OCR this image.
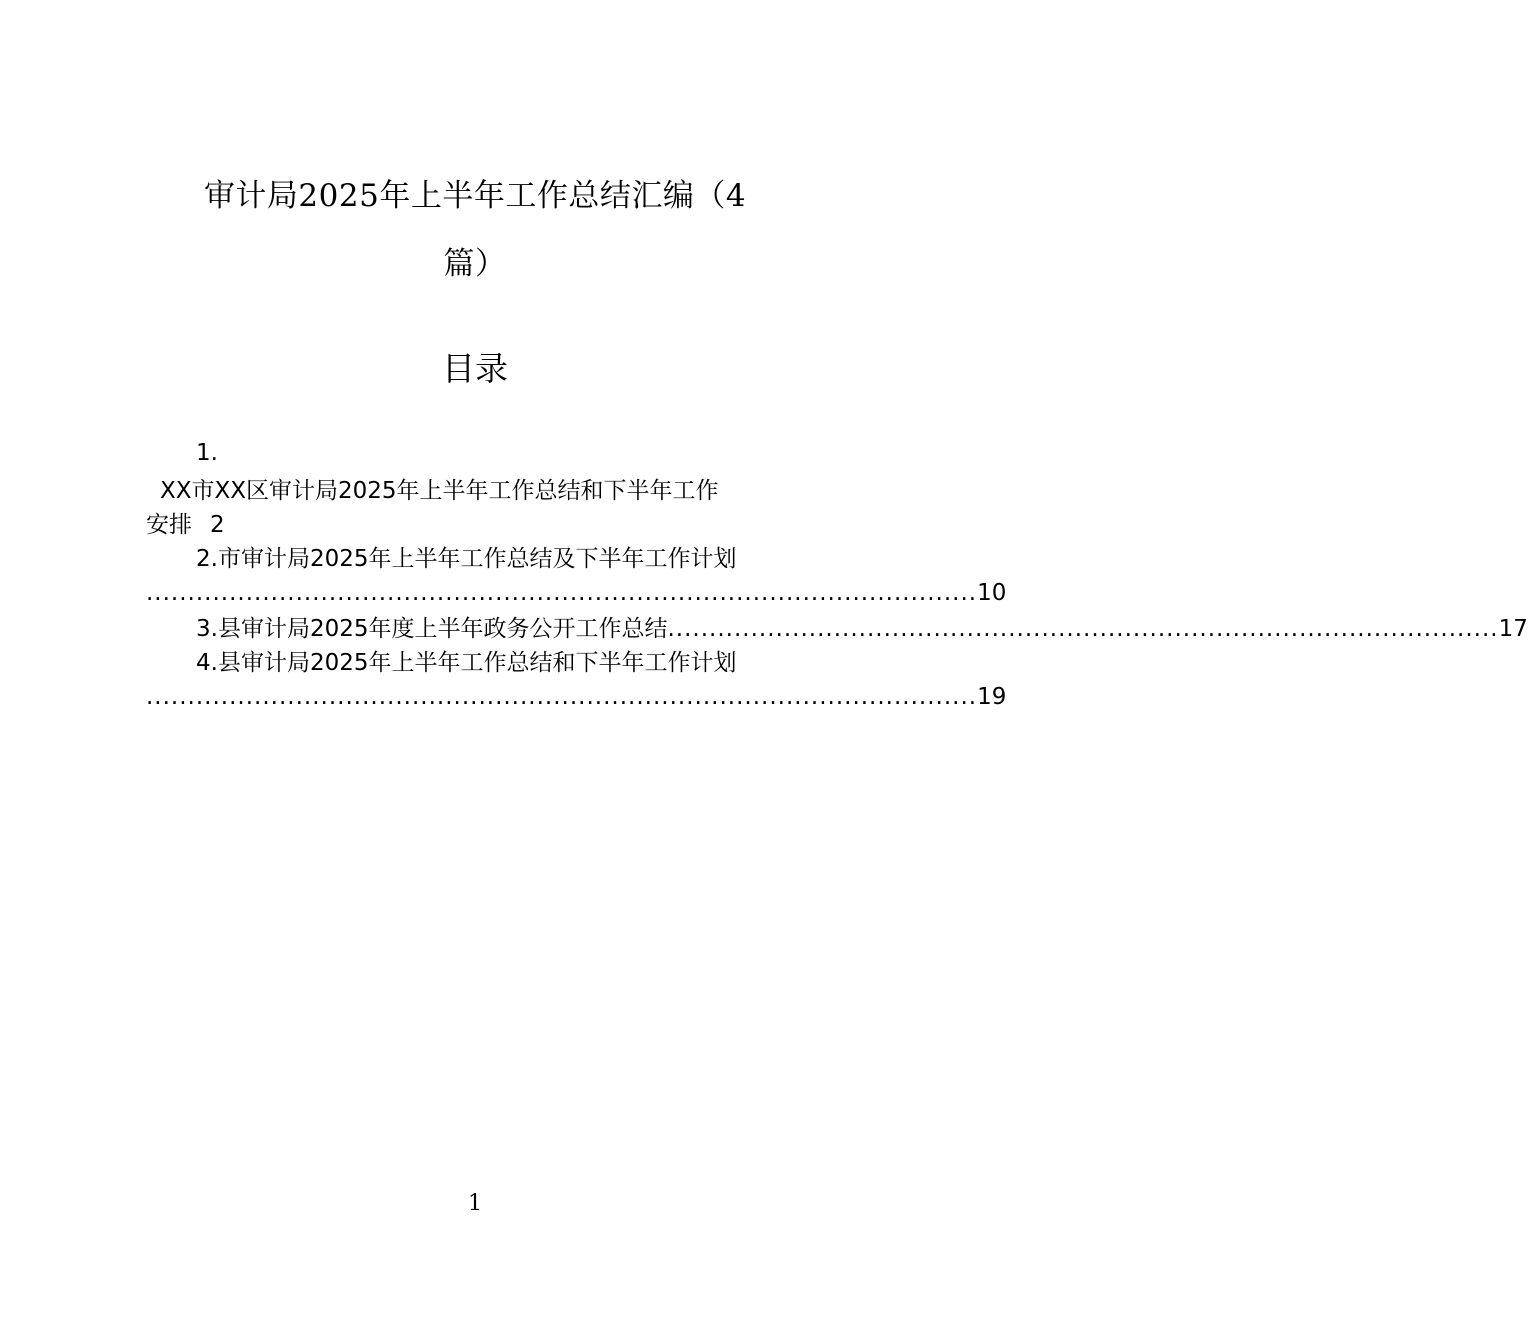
审计局2025年上半年工作总结汇编（4
篇）
目录
1.
XX市XX区审计局2025年上半年工作总结和下半年工作
安排 2
2.市审计局2025年上半年工作总结及下半年工作计划
.................................................................................................... 10
3.县审计局2025年度上半年政务公开工作总结 .................................................................................................... 17
4.县审计局2025年上半年工作总结和下半年工作计划
.................................................................................................... 19
1
